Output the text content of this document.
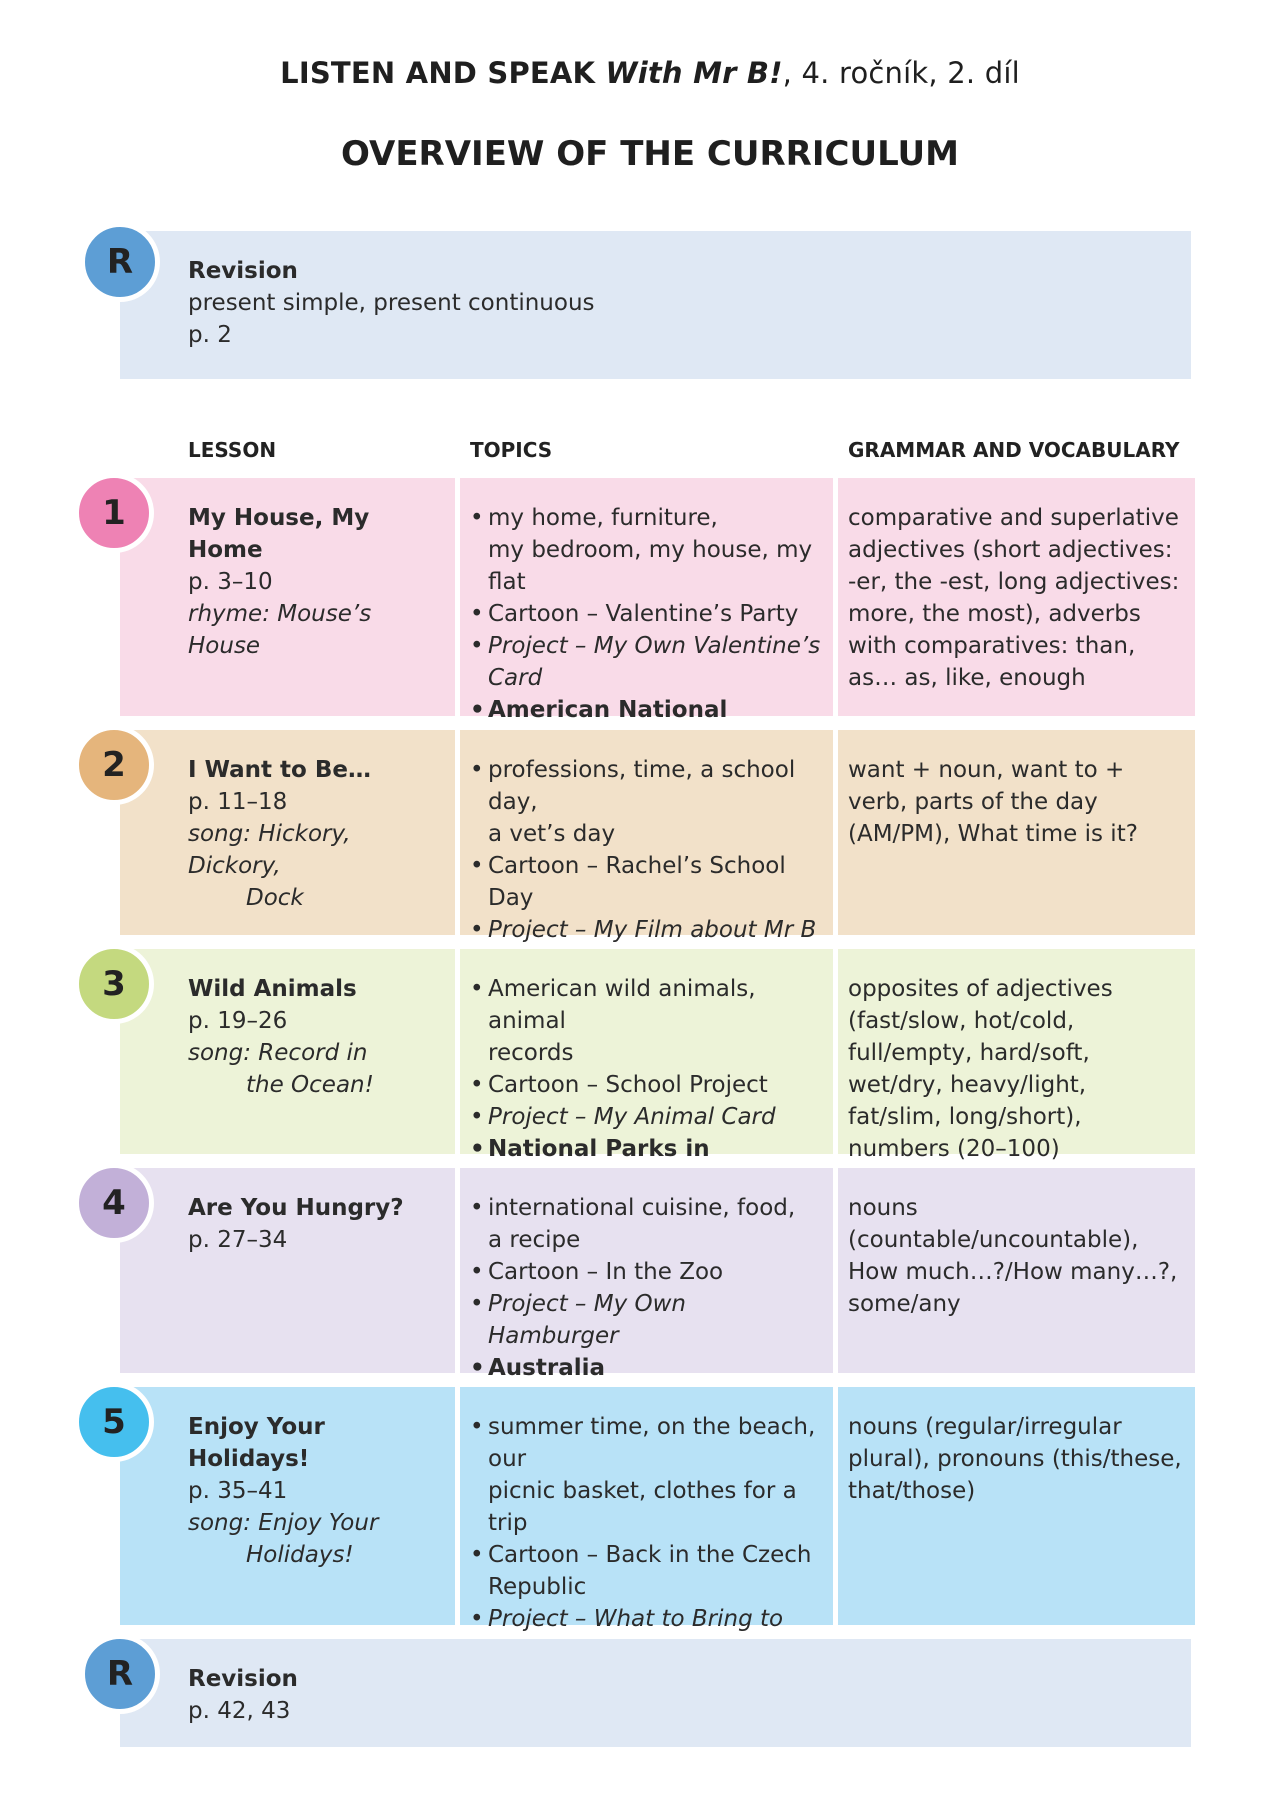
LISTEN AND SPEAK With Mr B!, 4. ročník, 2. díl
OVERVIEW OF THE CURRICULUM
Revision
present simple, present continuous
p. 2
R
LESSON	TOPICS	GRAMMAR AND VOCABULARY
My House, My Home
p. 3–10
rhyme: Mouse’s House
• my home, furniture,
my bedroom, my house, my flat
• Cartoon – Valentine’s Party
• Project – My Own Valentine’s Card
• American National
comparative and superlative adjectives (short adjectives: -er, the -est, long adjectives: more, the most), adverbs with comparatives: than, as… as, like, enough
1
I Want to Be…
p. 11–18
song: Hickory, Dickory,
Dock
• professions, time, a school day,
a vet’s day
• Cartoon – Rachel’s School Day
• Project – My Film about Mr B
•
want + noun, want to + verb, parts of the day (AM/PM), What time is it?
2
Wild Animals
p. 19–26
song: Record in
the Ocean!
• American wild animals, animal
records
• Cartoon – School Project
• Project – My Animal Card
• National Parks in
opposites of adjectives (fast/slow, hot/cold, full/empty, hard/soft, wet/dry, heavy/light, fat/slim, long/short), numbers (20–100)
3
Are You Hungry?
p. 27–34
• international cuisine, food,
a recipe
• Cartoon – In the Zoo
• Project – My Own Hamburger
• Australia
nouns (countable/uncountable), How much…?/How many…?, some/any
4
Enjoy Your Holidays!
p. 35–41
song: Enjoy Your
Holidays!
• summer time, on the beach, our
picnic basket, clothes for a trip
• Cartoon – Back in the Czech
Republic
• Project – What to Bring to

nouns (regular/irregular plural), pronouns (this/these, that/those)
5
Revision
p. 42, 43
R
